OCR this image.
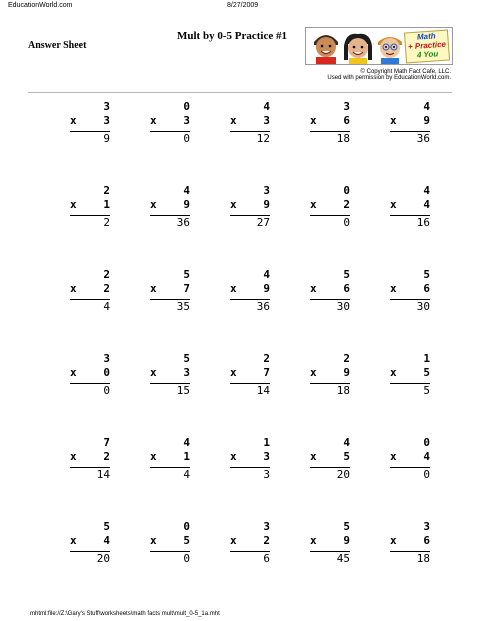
EducationWorld.com	8/27/2009
Mult by 0-5 Practice #1
Answer Sheet
Math
+ Practice
4 You
© Copyright Math Fact Cafe, LLC.
Used with permission by EducationWorld.com.
3
x 3
9
0
x 3
0
4
x 3
12
3
x 6
18
4
x 9
36
2
x 1
2
4
x 9
36
3
x 9
27
0
x 2
0
4
x 4
16
2
x 2
4
5
x 7
35
4
x 9
36
5
x 6
30
5
x 6
30
3
x 0
0
5
x 3
15
2
x 7
14
2
x 9
18
1
x 5
5
7
x 2
14
4
x 1
4
1
x 3
3
4
x 5
20
0
x 4
0
5
x 4
20
0
x 5
0
3
x 2
6
5
x 9
45
3
x 6
18
mhtml:file://Z:\Gary's Stuff\worksheets\math facts mult\mult_0-5_1a.mht
